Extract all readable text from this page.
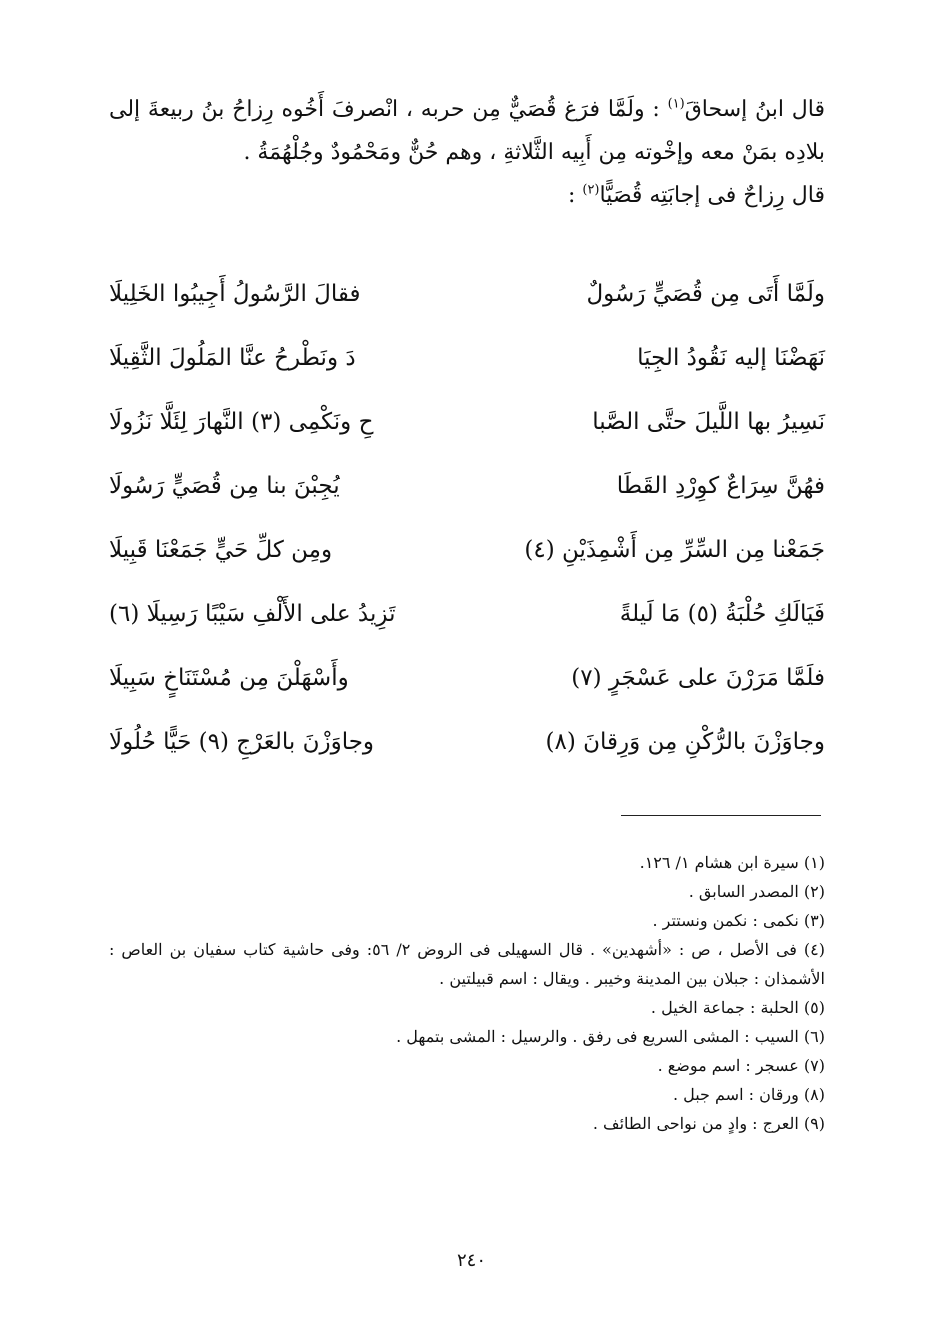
قال ابنُ إسحاقَ$^{(١)}$ : ولَمَّا فرَغ قُصَيٌّ مِن حربه ، انْصرفَ أَخُوه رِزاحُ بنُ ربيعةَ إلى بلادِه بمَنْ معه وإخْوته مِن أَبِيه الثَّلاثةِ ، وهم حُنٌّ ومَحْمُودٌ وجُلْهُمَةُ .

قال رِزاحٌ فى إجابَتِه قُصَيًّا$^{(٢)}$ :

ولَمَّا أَتَى مِن قُصَيٍّ رَسُولٌ
فقالَ الرَّسُولُ أَجِيبُوا الخَلِيلَا
نَهَضْنَا إليه نَقُودُ الجِيَا
دَ ونَطْرحُ عنَّا المَلُولَ الثَّقِيلَا
نَسِيرُ بها اللَّيلَ حتَّى الصَّبا
حِ ونَكْمِى (٣) النَّهارَ لِئَلَّا نَزُولَا
فهُنَّ سِرَاعٌ كوِرْدِ القَطَا
يُجِبْنَ بنا مِن قُصَيٍّ رَسُولَا
جَمَعْنا مِن السِّرِّ مِن أَشْمِذَيْنِ (٤)
ومِن كلِّ حَيٍّ جَمَعْنَا قَبِيلَا
فَيَالَكِ حُلْبَةُ (٥) مَا لَيلةً
تَزِيدُ على الأَلْفِ سَيْبًا رَسِيلَا (٦)
فلَمَّا مَرَرْنَ على عَسْجَرٍ (٧)
وأَسْهَلْنَ مِن مُسْتَنَاخٍ سَبِيلَا
وجاوَزْنَ بالرُّكْنِ مِن وَرِقانَ (٨)
وجاوَزْنَ بالعَرْجِ (٩) حَيًّا حُلُولَا
(١) سيرة ابن هشام ١/ ١٢٦.
(٢) المصدر السابق .
(٣) نكمى : نكمن ونستتر .
(٤) فى الأصل ، ص : «أشهدين» . قال السهيلى فى الروض ٢/ ٥٦: وفى حاشية كتاب سفيان بن العاص : الأشمذان : جبلان بين المدينة وخيبر . ويقال : اسم قبيلتين .
(٥) الحلبة : جماعة الخيل .
(٦) السيب : المشى السريع فى رفق . والرسيل : المشى بتمهل .
(٧) عسجر : اسم موضع .
(٨) ورقان : اسم جبل .
(٩) العرج : وادٍ من نواحى الطائف .
٢٤٠
